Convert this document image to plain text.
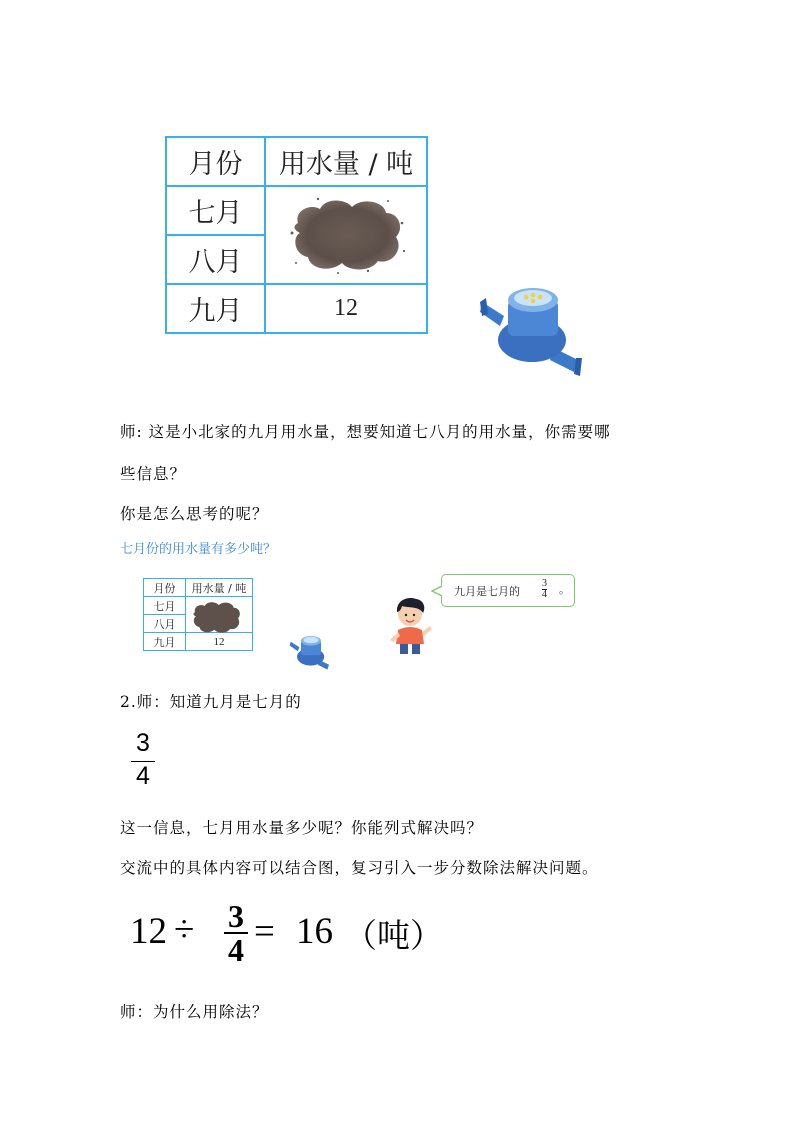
月份	用水量 / 吨
七月	

八月	
九月	12
师: 这是小北家的九月用水量，想要知道七八月的用水量，你需要哪
些信息？
你是怎么思考的呢？
七月份的用水量有多少吨？
月份	用水量 / 吨
七月	

八月	
九月	12
九月是七月的 $\frac{3}{4}$ 。
2.师：知道九月是七月的
$\frac{3}{4}$
这一信息，七月用水量多少呢？你能列式解决吗？
交流中的具体内容可以结合图，复习引入一步分数除法解决问题。
$12 \div \frac{3}{4} = 16$ （吨）
师：为什么用除法？
